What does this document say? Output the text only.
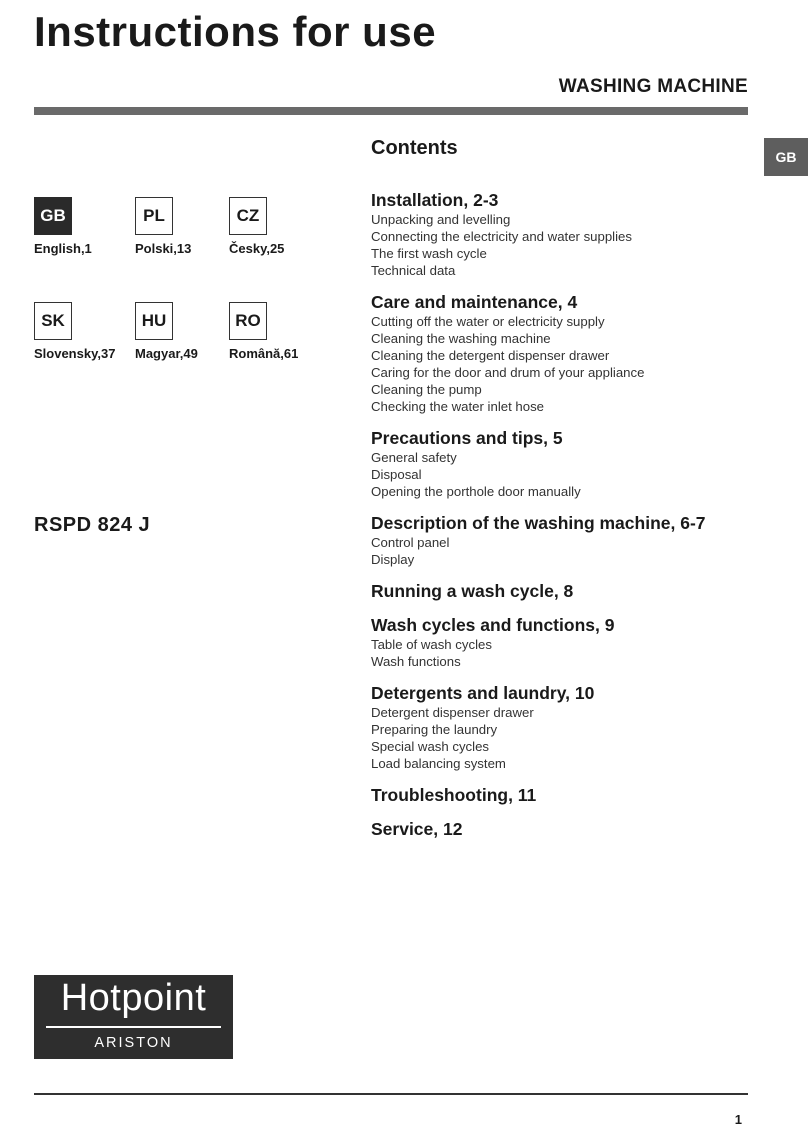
Instructions for use
WASHING MACHINE
GB
Contents
GB
English,1
PL
Polski,13
CZ
Česky,25
SK
Slovensky,37
HU
Magyar,49
RO
Română,61
RSPD 824 J
Installation, 2-3
Unpacking and levelling
Connecting the electricity and water supplies
The first wash cycle
Technical data
Care and maintenance, 4
Cutting off the water or electricity supply
Cleaning the washing machine
Cleaning the detergent dispenser drawer
Caring for the door and drum of your appliance
Cleaning the pump
Checking the water inlet hose
Precautions and tips, 5
General safety
Disposal
Opening the porthole door manually
Description of the washing machine, 6-7
Control panel
Display
Running a wash cycle, 8
Wash cycles and functions, 9
Table of wash cycles
Wash functions
Detergents and laundry, 10
Detergent dispenser drawer
Preparing the laundry
Special wash cycles
Load balancing system
Troubleshooting, 11
Service, 12
Hotpoint
ARISTON
1
